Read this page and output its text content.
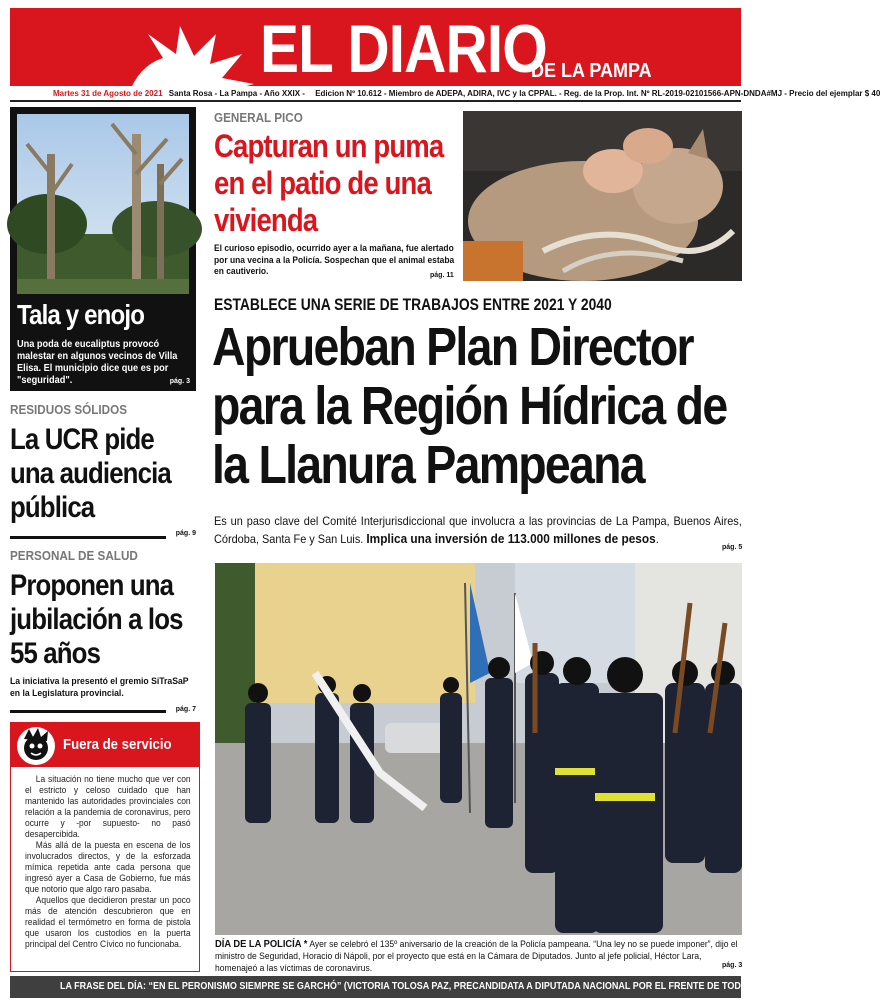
EL DIARIO
DE LA PAMPA
Martes 31 de Agosto de 2021 Santa Rosa - La Pampa - Año XXIX - Edicion Nº 10.612 - Miembro de ADEPA, ADIRA, IVC y la CPPAL. - Reg. de la Prop. Int. Nº RL-2019-02101566-APN-DNDA#MJ - Precio del ejemplar $ 40
Tala y enojo
Una poda de eucaliptus provocó malestar en algunos vecinos de Villa Elisa. El municipio dice que es por "seguridad".	pág. 3
RESIDUOS SÓLIDOS
La UCR pide una audiencia pública
pág. 9
PERSONAL DE SALUD
Proponen una jubilación a los 55 años
La iniciativa la presentó el gremio SiTraSaP en la Legislatura provincial.
pág. 7
Fuera de servicio

La situación no tiene mucho que ver con el estricto y celoso cuidado que han mantenido las autoridades provinciales con relación a la pandemia de coronavirus, pero ocurre y -por supuesto- no pasó desapercibida.

Más allá de la puesta en escena de los involucrados directos, y de la esforzada mímica repetida ante cada persona que ingresó ayer a Casa de Gobierno, fue más que notorio que algo raro pasaba.

Aquellos que decidieron prestar un poco más de atención descubrieron que en realidad el termómetro en forma de pistola que usaron los custodios en la puerta principal del Centro Cívico no funcionaba.

GENERAL PICO
Capturan un puma en el patio de una vivienda
El curioso episodio, ocurrido ayer a la mañana, fue alertado por una vecina a la Policía. Sospechan que el animal estaba en cautiverio.	pág. 11
ESTABLECE UNA SERIE DE TRABAJOS ENTRE 2021 Y 2040
Aprueban Plan Director para la Región Hídrica de la Llanura Pampeana
Es un paso clave del Comité Interjurisdiccional que involucra a las provincias de La Pampa, Buenos Aires, Córdoba, Santa Fe y San Luis. Implica una inversión de 113.000 millones de pesos.
pág. 5
DÍA DE LA POLICÍA * Ayer se celebró el 135º aniversario de la creación de la Policía pampeana. “Una ley no se puede imponer”, dijo el ministro de Seguridad, Horacio di Nápoli, por el proyecto que está en la Cámara de Diputados. Junto al jefe policial, Héctor Lara, homenajeó a las víctimas de coronavirus.	pág. 3
LA FRASE DEL DÍA: “EN EL PERONISMO SIEMPRE SE GARCHÓ” (VICTORIA TOLOSA PAZ, PRECANDIDATA A DIPUTADA NACIONAL POR EL FRENTE DE TODOS). pág. 18
